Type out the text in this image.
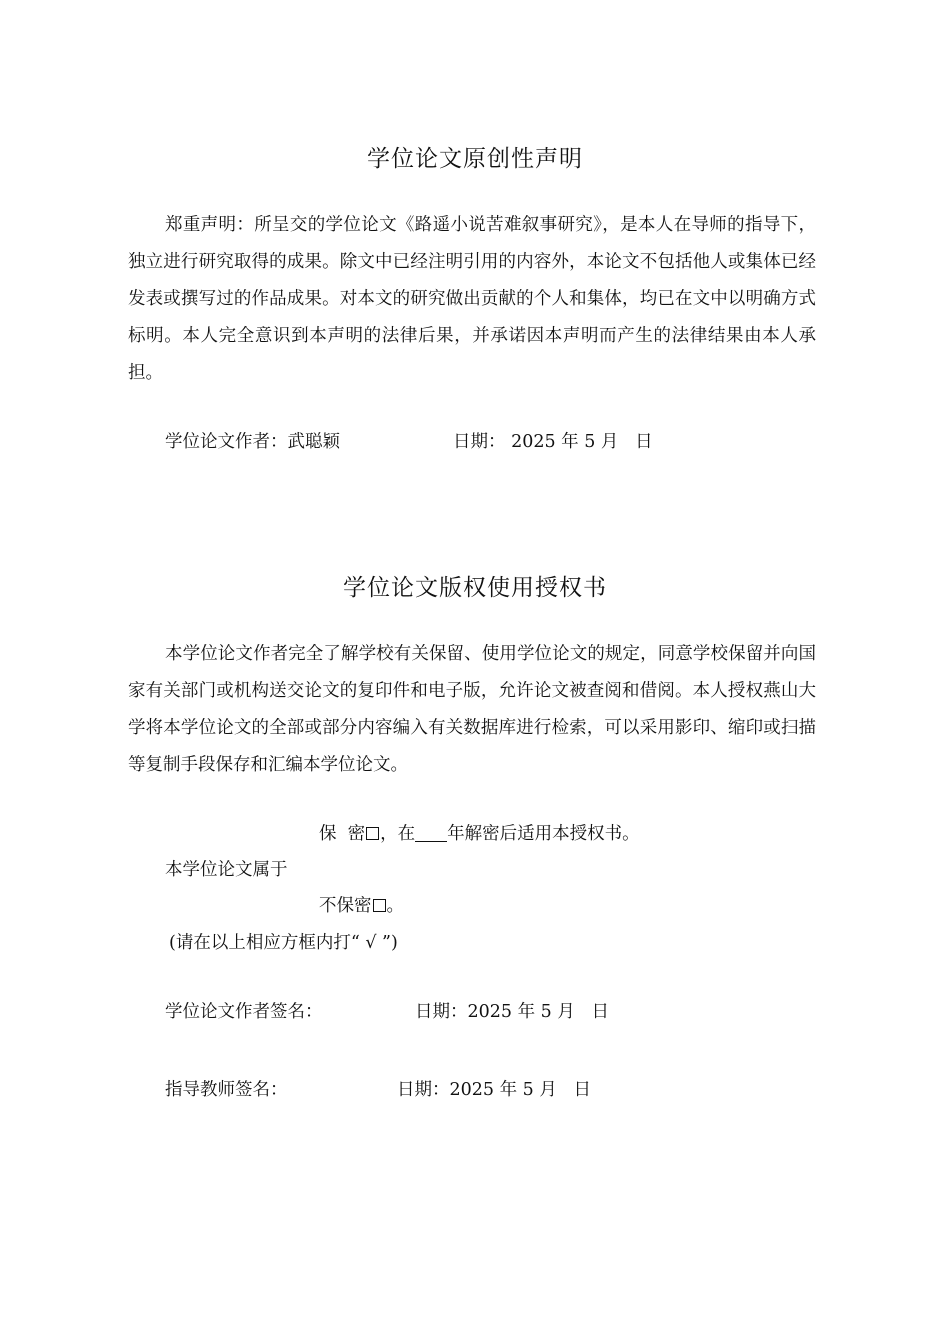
学位论文原创性声明
郑重声明：所呈交的学位论文《路遥小说苦难叙事研究》，是本人在导师的指导下，独立进行研究取得的成果。除文中已经注明引用的内容外，本论文不包括他人或集体已经发表或撰写过的作品成果。对本文的研究做出贡献的个人和集体，均已在文中以明确方式标明。本人完全意识到本声明的法律后果，并承诺因本声明而产生的法律结果由本人承担。
学位论文作者：武聪颖	日期： 2025 年 5 月   日
学位论文版权使用授权书
本学位论文作者完全了解学校有关保留、使用学位论文的规定，同意学校保留并向国家有关部门或机构送交论文的复印件和电子版，允许论文被查阅和借阅。本人授权燕山大学将本学位论文的全部或部分内容编入有关数据库进行检索，可以采用影印、缩印或扫描等复制手段保存和汇编本学位论文。
保  密 ，在 年解密后适用本授权书。
本学位论文属于
不保密 。
(请在以上相应方框内打“ √ ”)
学位论文作者签名：	日期：2025 年 5 月   日
指导教师签名：	日期：2025 年 5 月   日
